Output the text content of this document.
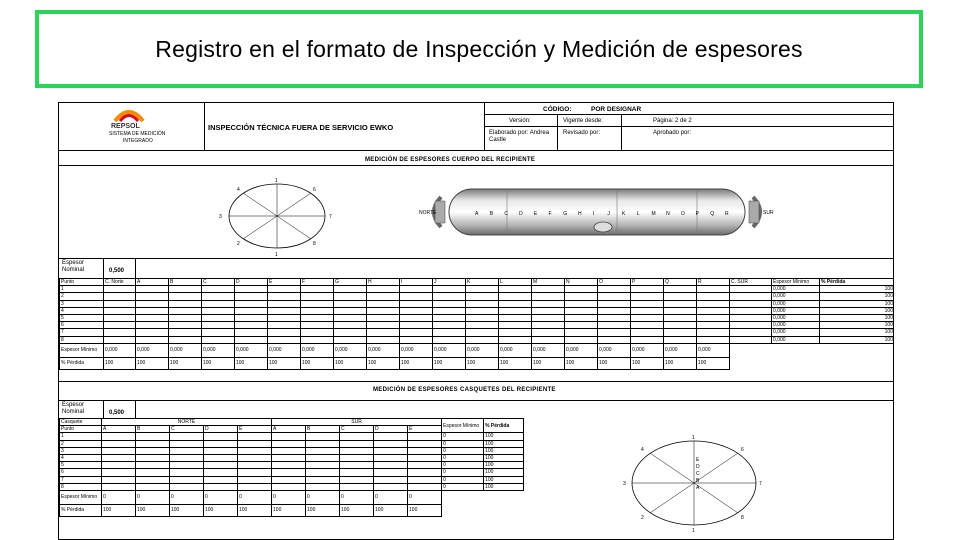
Registro en el formato de Inspección y Medición de espesores
REPSOL
SISTEMA DE MEDICIÓN
INTEGRADO
INSPECCIÓN TÉCNICA FUERA DE SERVICIO EWKO
CÓDIGO:	POR DESIGNAR
Versión:	Vigente desde:	Página: 2 de 2
Elaborado por: Andrea Castle
Revisado por:	Aprobado por:
MEDICIÓN DE ESPESORES CUERPO DEL RECIPIENTE
1
2
4	6
8
1
3	7
NORTE	SUR
A B C D E F G H I	J K L M N O P Q R
Espesor Nominal	0,500
Punto	C. Norte	A	B	C	D	E	F	G	H	I	J	K	L	M	N	O	P	Q	R	C. SUR	Espesor Mínimo	% Pérdida
1																					0,000	100
2																					0,000	100
3																					0,000	100
4																					0,000	100
5																					0,000	100
6																					0,000	100
7																					0,000	100
8																					0,000	100
Espesor Mínimo	0,000	0,000	0,000	0,000	0,000	0,000	0,000	0,000	0,000	0,000	0,000	0,000	0,000	0,000	0,000	0,000	0,000	0,000	0,000			
% Pérdida	100	100	100	100	100	100	100	100	100	100	100	100	100	100	100	100	100	100	100			
MEDICIÓN DE ESPESORES CASQUETES DEL RECIPIENTE
Espesor Nominal	0,500
Casquete	NORTE					SUR					Espesor Mínimo	% Pérdida
Punto	A	B	C	D	E	A	B	C	D	E		
1											0	100
2											0	100
3											0	100
4											0	100
5											0	100
6											0	100
7											0	100
8											0	100
Espesor Mínimo	0	0	0	0	0	0	0	0	0	0		
% Pérdida	100	100	100	100	100	100	100	100	100	100		
1
4	6
3	7
2	8
1
E
D
C
B
A
